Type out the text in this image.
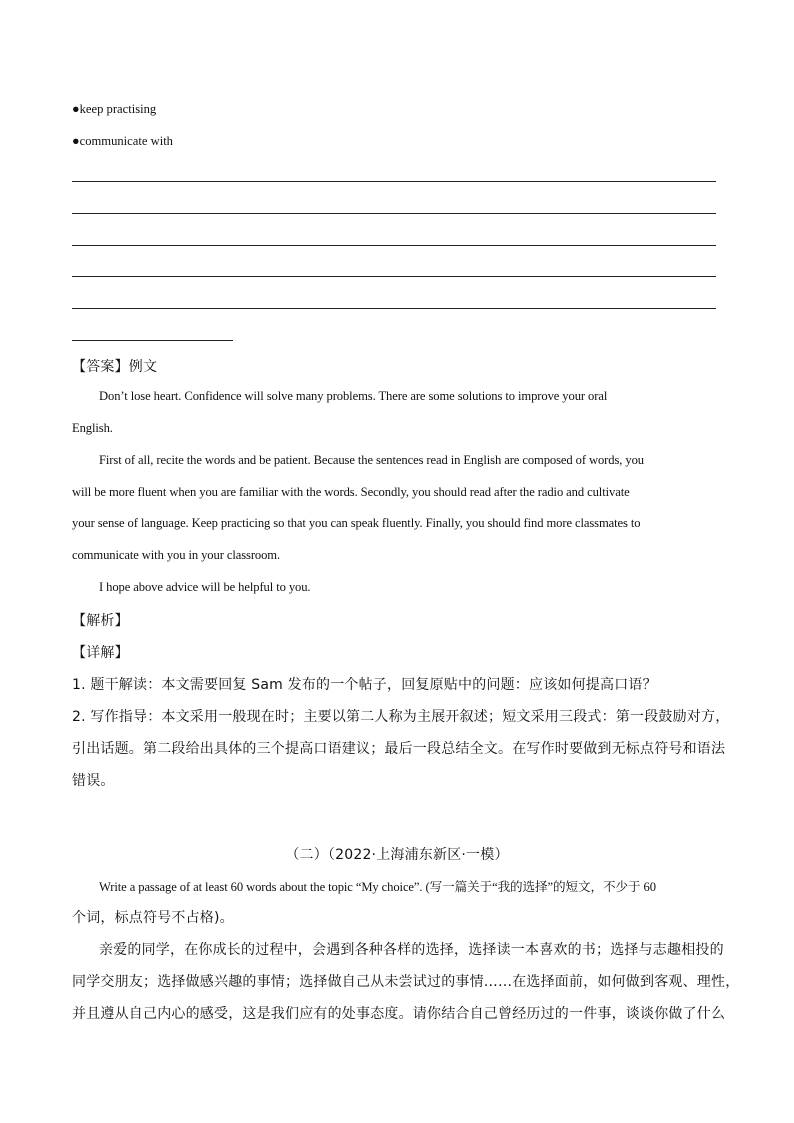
●keep practising
●communicate with
【答案】例文
Don’t lose heart. Confidence will solve many problems. There are some solutions to improve your oral
English.
First of all, recite the words and be patient. Because the sentences read in English are composed of words, you
will be more fluent when you are familiar with the words. Secondly, you should read after the radio and cultivate
your sense of language. Keep practicing so that you can speak fluently. Finally, you should find more classmates to
communicate with you in your classroom.
I hope above advice will be helpful to you.
【解析】
【详解】
1. 题干解读：本文需要回复 Sam 发布的一个帖子，回复原贴中的问题：应该如何提高口语？
2. 写作指导：本文采用一般现在时；主要以第二人称为主展开叙述；短文采用三段式：第一段鼓励对方，
引出话题。第二段给出具体的三个提高口语建议；最后一段总结全文。在写作时要做到无标点符号和语法
错误。
（二）（2022·上海浦东新区·一模）
Write a passage of at least 60 words about the topic “My choice”. (写一篇关于“我的选择”的短文，不少于 60
个词，标点符号不占格)。
亲爱的同学，在你成长的过程中，会遇到各种各样的选择，选择读一本喜欢的书；选择与志趣相投的
同学交朋友；选择做感兴趣的事情；选择做自己从未尝试过的事情……在选择面前，如何做到客观、理性，
并且遵从自己内心的感受，这是我们应有的处事态度。请你结合自己曾经历过的一件事，谈谈你做了什么
